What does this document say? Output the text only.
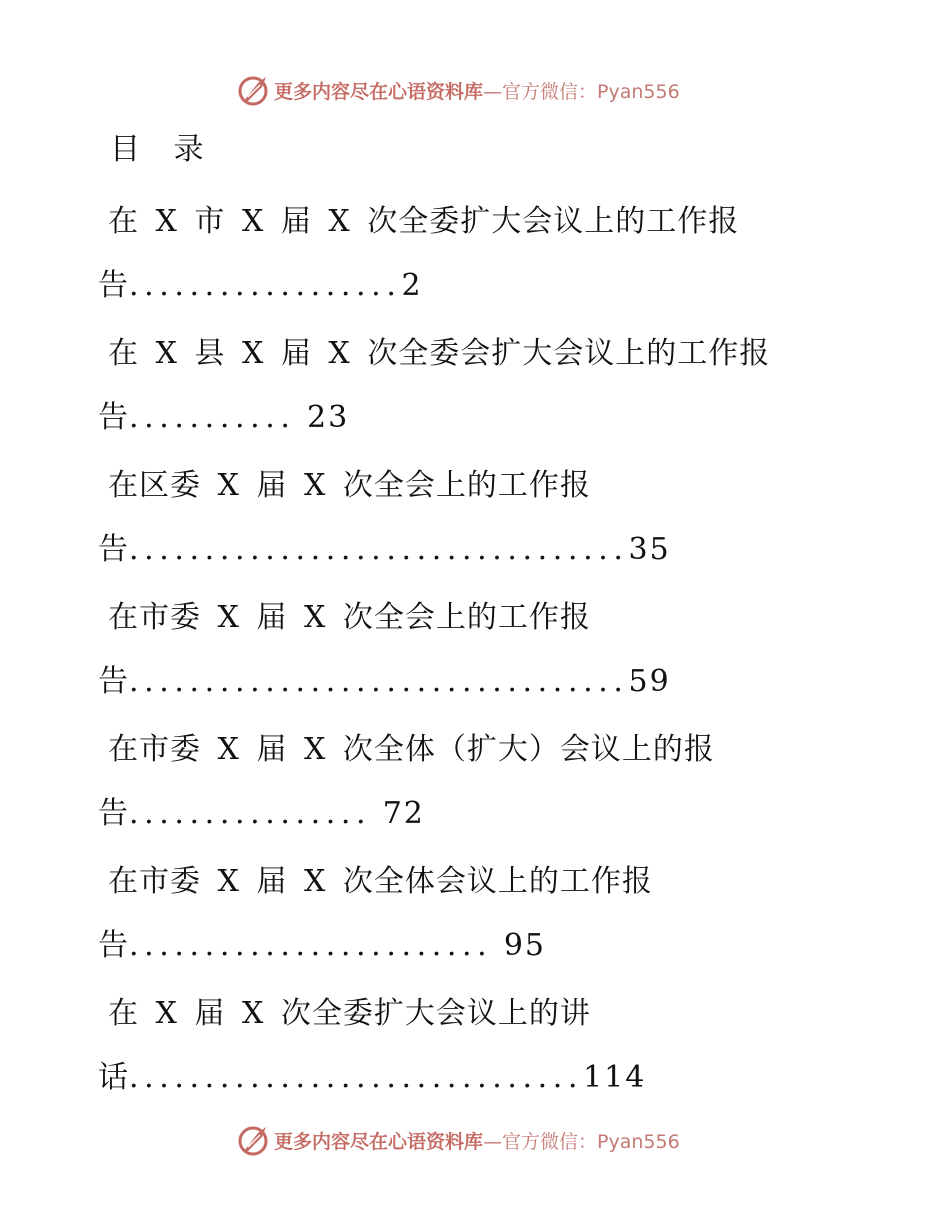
更多内容尽在心语资料库—官方微信：Pyan556
目 录
在 X 市 X 届 X 次全委扩大会议上的工作报
告..................2
在 X 县 X 届 X 次全委会扩大会议上的工作报
告........... 23
在区委 X 届 X 次全会上的工作报
告.................................35
在市委 X 届 X 次全会上的工作报
告.................................59
在市委 X 届 X 次全体（扩大）会议上的报
告................ 72
在市委 X 届 X 次全体会议上的工作报
告........................ 95
在 X 届 X 次全委扩大会议上的讲
话..............................114
更多内容尽在心语资料库—官方微信：Pyan556
